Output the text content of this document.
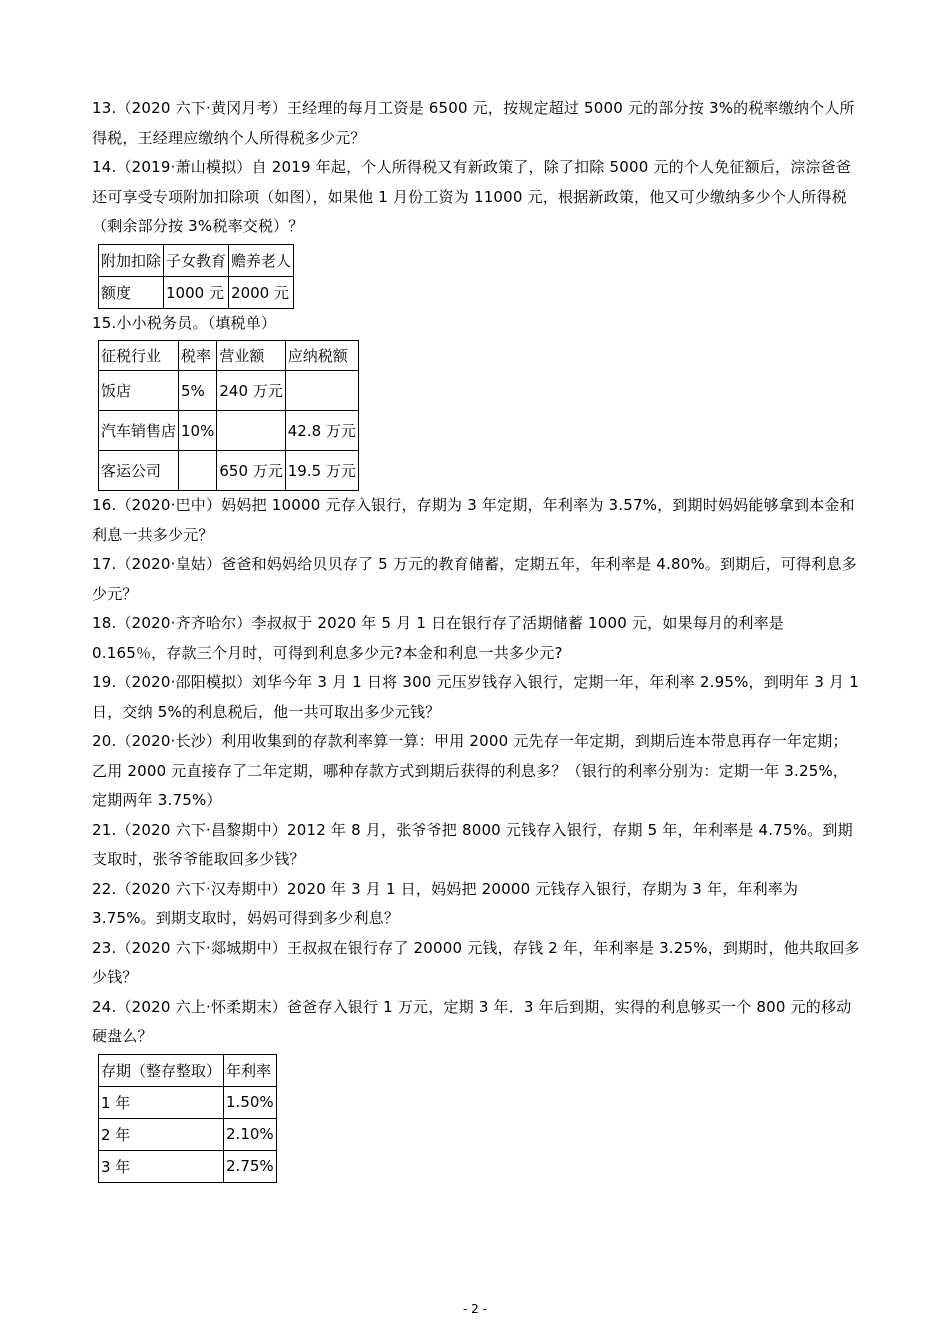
13.（2020 六下·黄冈月考）王经理的每月工资是 6500 元，按规定超过 5000 元的部分按 3%的税率缴纳个人所得税，王经理应缴纳个人所得税多少元？

14.（2019·萧山模拟）自 2019 年起，个人所得税又有新政策了，除了扣除 5000 元的个人免征额后，淙淙爸爸还可享受专项附加扣除项（如图），如果他 1 月份工资为 11000 元，根据新政策，他又可少缴纳多少个人所得税（剩余部分按 3%税率交税）？

附加扣除	子女教育	赡养老人
额度	1000 元	2000 元

15.小小税务员。（填税单）

征税行业	税率	营业额	应纳税额
饭店	5%	240 万元	
汽车销售店	10%		42.8 万元
客运公司		650 万元	19.5 万元

16.（2020·巴中）妈妈把 10000 元存入银行，存期为 3 年定期，年利率为 3.57%，到期时妈妈能够拿到本金和利息一共多少元？

17.（2020·皇姑）爸爸和妈妈给贝贝存了 5 万元的教育储蓄，定期五年，年利率是 4.80%。到期后，可得利息多少元？

18.（2020·齐齐哈尔）李叔叔于 2020 年 5 月 1 日在银行存了活期储蓄 1000 元，如果每月的利率是 0.165％，存款三个月时，可得到利息多少元?本金和利息一共多少元?

19.（2020·邵阳模拟）刘华今年 3 月 1 日将 300 元压岁钱存入银行，定期一年，年利率 2.95%，到明年 3 月 1 日，交纳 5%的利息税后，他一共可取出多少元钱？

20.（2020·长沙）利用收集到的存款利率算一算：甲用 2000 元先存一年定期，到期后连本带息再存一年定期；乙用 2000 元直接存了二年定期，哪种存款方式到期后获得的利息多？（银行的利率分别为：定期一年 3.25%，定期两年 3.75%）

21.（2020 六下·昌黎期中）2012 年 8 月，张爷爷把 8000 元钱存入银行，存期 5 年，年利率是 4.75%。到期支取时，张爷爷能取回多少钱？

22.（2020 六下·汉寿期中）2020 年 3 月 1 日，妈妈把 20000 元钱存入银行，存期为 3 年，年利率为 3.75%。到期支取时，妈妈可得到多少利息？

23.（2020 六下·郯城期中）王叔叔在银行存了 20000 元钱，存钱 2 年，年利率是 3.25%，到期时，他共取回多少钱？

24.（2020 六上·怀柔期末）爸爸存入银行 1 万元，定期 3 年．3 年后到期，实得的利息够买一个 800 元的移动硬盘么？

存期（整存整取）	年利率
1 年	1.50%
2 年	2.10%
3 年	2.75%
- 2 -
